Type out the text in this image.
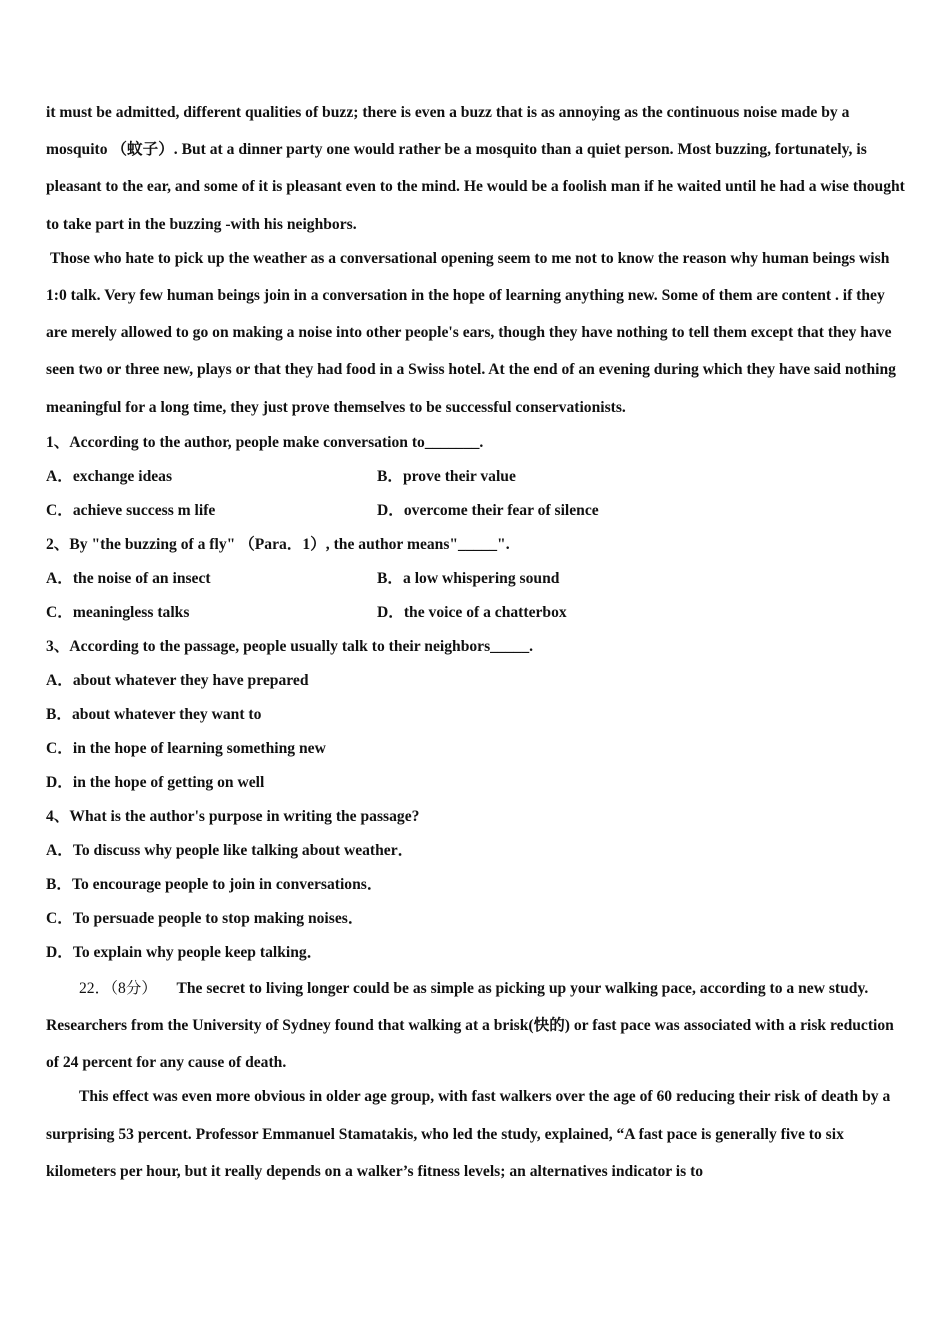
it must be admitted, different qualities of buzz; there is even a buzz that is as annoying as the continuous noise made by a mosquito （蚊子）. But at a dinner party one would rather be a mosquito than a quiet person. Most buzzing, fortunately, is pleasant to the ear, and some of it is pleasant even to the mind. He would be a foolish man if he waited until he had a wise thought to take part in the buzzing -with his neighbors.

Those who hate to pick up the weather as a conversational opening seem to me not to know the reason why human beings wish 1:0 talk. Very few human beings join in a conversation in the hope of learning anything new. Some of them are content . if they are merely allowed to go on making a noise into other people's ears, though they have nothing to tell them except that they have seen two or three new, plays or that they had food in a Swiss hotel. At the end of an evening during which they have said nothing meaningful for a long time, they just prove themselves to be successful conservationists.

1、According to the author, people make conversation to_______.
A．exchange ideas	B．prove their value
C．achieve success m life	D．overcome their fear of silence
2、By "the buzzing of a fly" （Para．1）, the author means"_____".
A．the noise of an insect	B．a low whispering sound
C．meaningless talks	D．the voice of a chatterbox
3、According to the passage, people usually talk to their neighbors_____.
A．about whatever they have prepared
B．about whatever they want to
C．in the hope of learning something new
D．in the hope of getting on well
4、What is the author's purpose in writing the passage?
A．To discuss why people like talking about weather．
B．To encourage people to join in conversations．
C．To persuade people to stop making noises．
D．To explain why people keep talking．

22．（8分） The secret to living longer could be as simple as picking up your walking pace, according to a new study. Researchers from the University of Sydney found that walking at a brisk(快的) or fast pace was associated with a risk reduction of 24 percent for any cause of death.

This effect was even more obvious in older age group, with fast walkers over the age of 60 reducing their risk of death by a surprising 53 percent. Professor Emmanuel Stamatakis, who led the study, explained, “A fast pace is generally five to six kilometers per hour, but it really depends on a walker’s fitness levels; an alternatives indicator is to
